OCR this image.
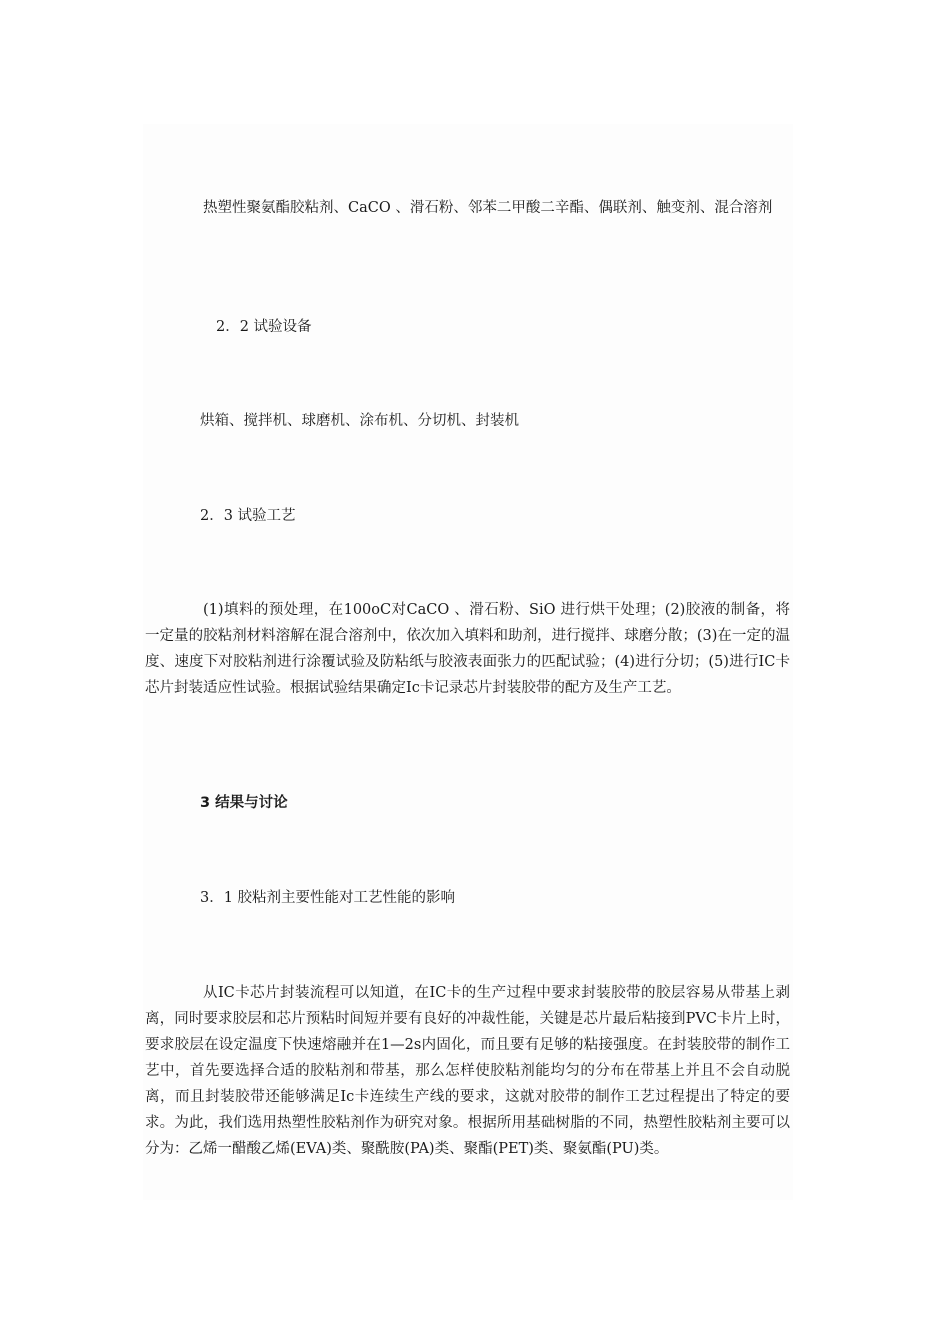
热塑性聚氨酯胶粘剂、CaCO 、滑石粉、邻苯二甲酸二辛酯、偶联剂、触变剂、混合溶剂

2．2 试验设备

烘箱、搅拌机、球磨机、涂布机、分切机、封装机

2．3 试验工艺

(1)填料的预处理，在100oC对CaCO 、滑石粉、SiO 进行烘干处理；(2)胶液的制备，将一定量的胶粘剂材料溶解在混合溶剂中，依次加入填料和助剂，进行搅拌、球磨分散；(3)在一定的温度、速度下对胶粘剂进行涂覆试验及防粘纸与胶液表面张力的匹配试验；(4)进行分切；(5)进行IC卡芯片封装适应性试验。根据试验结果确定Ic卡记录芯片封装胶带的配方及生产工艺。

3 结果与讨论

3．1 胶粘剂主要性能对工艺性能的影响

从IC卡芯片封装流程可以知道，在IC卡的生产过程中要求封装胶带的胶层容易从带基上剥离，同时要求胶层和芯片预粘时间短并要有良好的冲裁性能，关键是芯片最后粘接到PVC卡片上时，要求胶层在设定温度下快速熔融并在1—2s内固化，而且要有足够的粘接强度。在封装胶带的制作工艺中，首先要选择合适的胶粘剂和带基，那么怎样使胶粘剂能均匀的分布在带基上并且不会自动脱离，而且封装胶带还能够满足Ic卡连续生产线的要求，这就对胶带的制作工艺过程提出了特定的要求。为此，我们选用热塑性胶粘剂作为研究对象。根据所用基础树脂的不同，热塑性胶粘剂主要可以分为：乙烯一醋酸乙烯(EVA)类、聚酰胺(PA)类、聚酯(PET)类、聚氨酯(PU)类。
